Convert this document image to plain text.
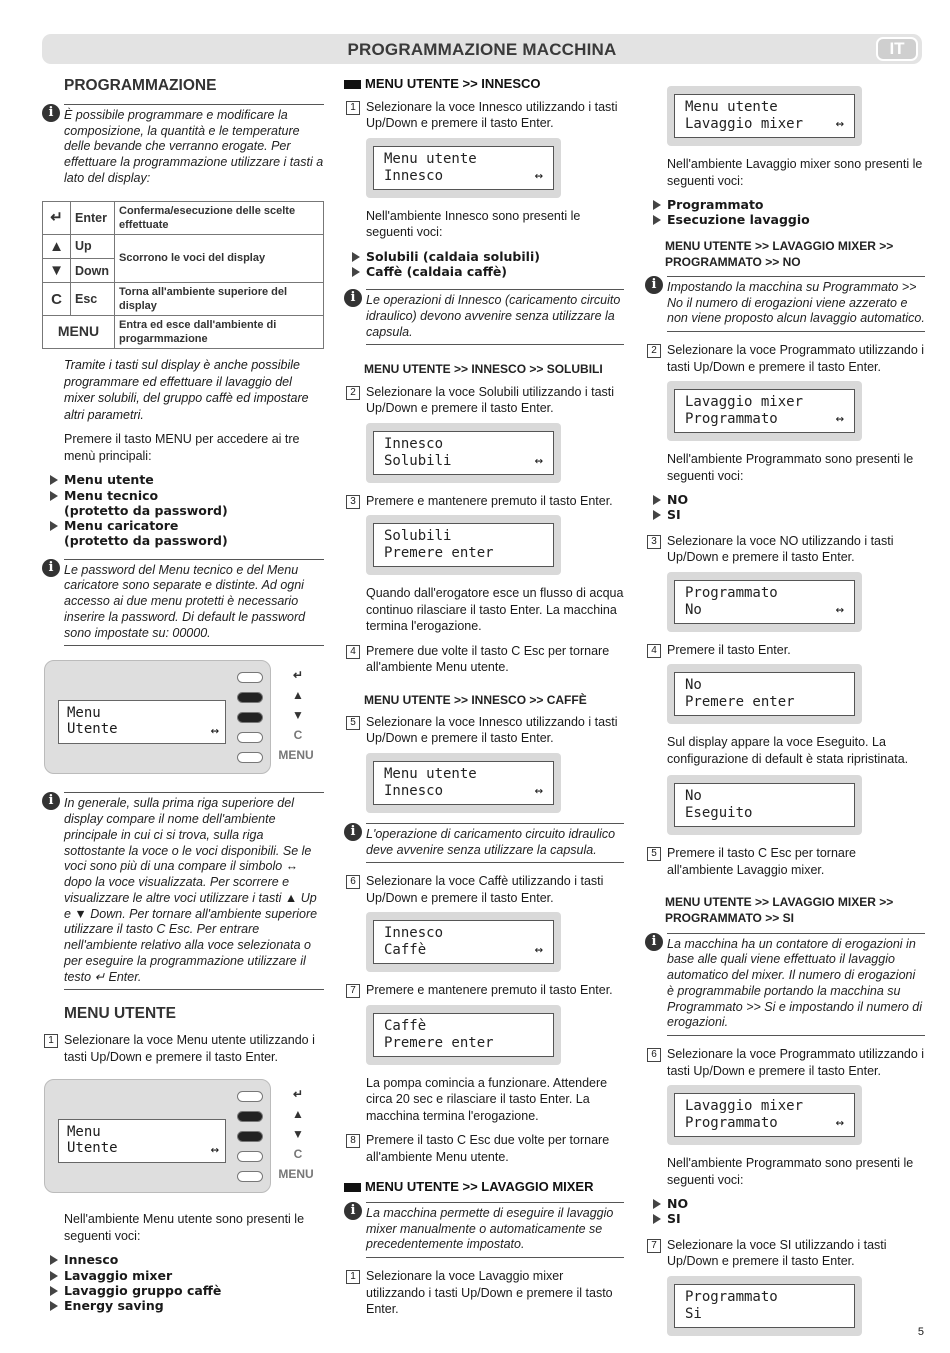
PROGRAMMAZIONE MACCHINA	IT
PROGRAMMAZIONE
i È possibile programmare e modificare la composizione, la quantità e le temperature delle bevande che verranno erogate. Per effettuare la programmazione utilizzare i tasti a lato del display:
↵	Enter	Conferma/esecuzione delle scelte effettuate
▲	Up	Scorrono le voci del display
▼	Down	
C	Esc	Torna all'ambiente superiore del display
MENU		Entra ed esce dall'ambiente di progarmmazione
Tramite i tasti sul display è anche possibile programmare ed effettuare il lavaggio del mixer solubili, del gruppo caffè ed impostare altri parametri.
Premere il tasto MENU per accedere ai tre menù principali:
Menu utente
Menu tecnico
(protetto da password)
Menu caricatore
(protetto da password)
i Le password del Menu tecnico e del Menu caricatore sono separate e distinte. Ad ogni accesso ai due menu protetti è necessario inserire la password. Di default le password sono impostate su: 00000.
Menu
Utente	↔
↵
▲
▼
C
MENU
i In generale, sulla prima riga superiore del display compare il nome dell'ambiente principale in cui ci si trova, sulla riga sottostante la voce o le voci disponibili. Se le voci sono più di una compare il simbolo ↔ dopo la voce visualizzata. Per scorrere e visualizzare le altre voci utilizzare i tasti ▲ Up e ▼ Down. Per tornare all'ambiente superiore utilizzare il tasto C Esc. Per entrare nell'ambiente relativo alla voce selezionata o per eseguire la programmazione utilizzare il testo ↵ Enter.
MENU UTENTE
1 Selezionare la voce Menu utente utilizzando i tasti Up/Down e premere il tasto Enter.
Menu
Utente	↔
↵
▲
▼
C
MENU
Nell'ambiente Menu utente sono presenti le seguenti voci:
Innesco
Lavaggio mixer
Lavaggio gruppo caffè
Energy saving
MENU UTENTE >> INNESCO
1 Selezionare la voce Innesco utilizzando i tasti Up/Down e premere il tasto Enter.
Menu utente
Innesco	↔
Nell'ambiente Innesco sono presenti le seguenti voci:
Solubili (caldaia solubili)
Caffè (caldaia caffè)
i Le operazioni di Innesco (caricamento circuito idraulico) devono avvenire senza utilizzare la capsula.
MENU UTENTE >> INNESCO >> SOLUBILI
2 Selezionare la voce Solubili utilizzando i tasti Up/Down e premere il tasto Enter.
Innesco
Solubili	↔
3 Premere e mantenere premuto il tasto Enter.
Solubili
Premere enter
Quando dall'erogatore esce un flusso di acqua continuo rilasciare il tasto Enter. La macchina termina l'erogazione.
4 Premere due volte il tasto C Esc per tornare all'ambiente Menu utente.
MENU UTENTE >> INNESCO >> CAFFÈ
5 Selezionare la voce Innesco utilizzando i tasti Up/Down e premere il tasto Enter.
Menu utente
Innesco	↔
i L'operazione di caricamento circuito idraulico deve avvenire senza utilizzare la capsula.
6 Selezionare la voce Caffè utilizzando i tasti Up/Down e premere il tasto Enter.
Innesco
Caffè	↔
7 Premere e mantenere premuto il tasto Enter.
Caffè
Premere enter
La pompa comincia a funzionare. Attendere circa 20 sec e rilasciare il tasto Enter. La macchina termina l'erogazione.
8 Premere il tasto C Esc due volte per tornare all'ambiente Menu utente.
MENU UTENTE >> LAVAGGIO MIXER
i La macchina permette di eseguire il lavaggio mixer manualmente o automaticamente se precedentemente impostato.
1 Selezionare la voce Lavaggio mixer utilizzando i tasti Up/Down e premere il tasto Enter.
Menu utente
Lavaggio mixer	↔
Nell'ambiente Lavaggio mixer sono presenti le seguenti voci:
Programmato
Esecuzione lavaggio
MENU UTENTE >> LAVAGGIO MIXER >> PROGRAMMATO >> NO
i Impostando la macchina su Programmato >> No il numero di erogazioni viene azzerato e non viene proposto alcun lavaggio automatico.
2 Selezionare la voce Programmato utilizzando i tasti Up/Down e premere il tasto Enter.
Lavaggio mixer
Programmato	↔
Nell'ambiente Programmato sono presenti le seguenti voci:
NO
SI
3 Selezionare la voce NO utilizzando i tasti Up/Down e premere il tasto Enter.
Programmato
No	↔
4 Premere il tasto Enter.
No
Premere enter
Sul display appare la voce Eseguito. La configurazione di default è stata ripristinata.
No
Eseguito
5 Premere il tasto C Esc per tornare all'ambiente Lavaggio mixer.
MENU UTENTE >> LAVAGGIO MIXER >> PROGRAMMATO >> SI
i La macchina ha un contatore di erogazioni in base alle quali viene effettuato il lavaggio automatico del mixer. Il numero di erogazioni è programmabile portando la macchina su Programmato >> Si e impostando il numero di erogazioni.
6 Selezionare la voce Programmato utilizzando i tasti Up/Down e premere il tasto Enter.
Lavaggio mixer
Programmato	↔
Nell'ambiente Programmato sono presenti le seguenti voci:
NO
SI
7 Selezionare la voce SI utilizzando i tasti Up/Down e premere il tasto Enter.
Programmato
Si
5
